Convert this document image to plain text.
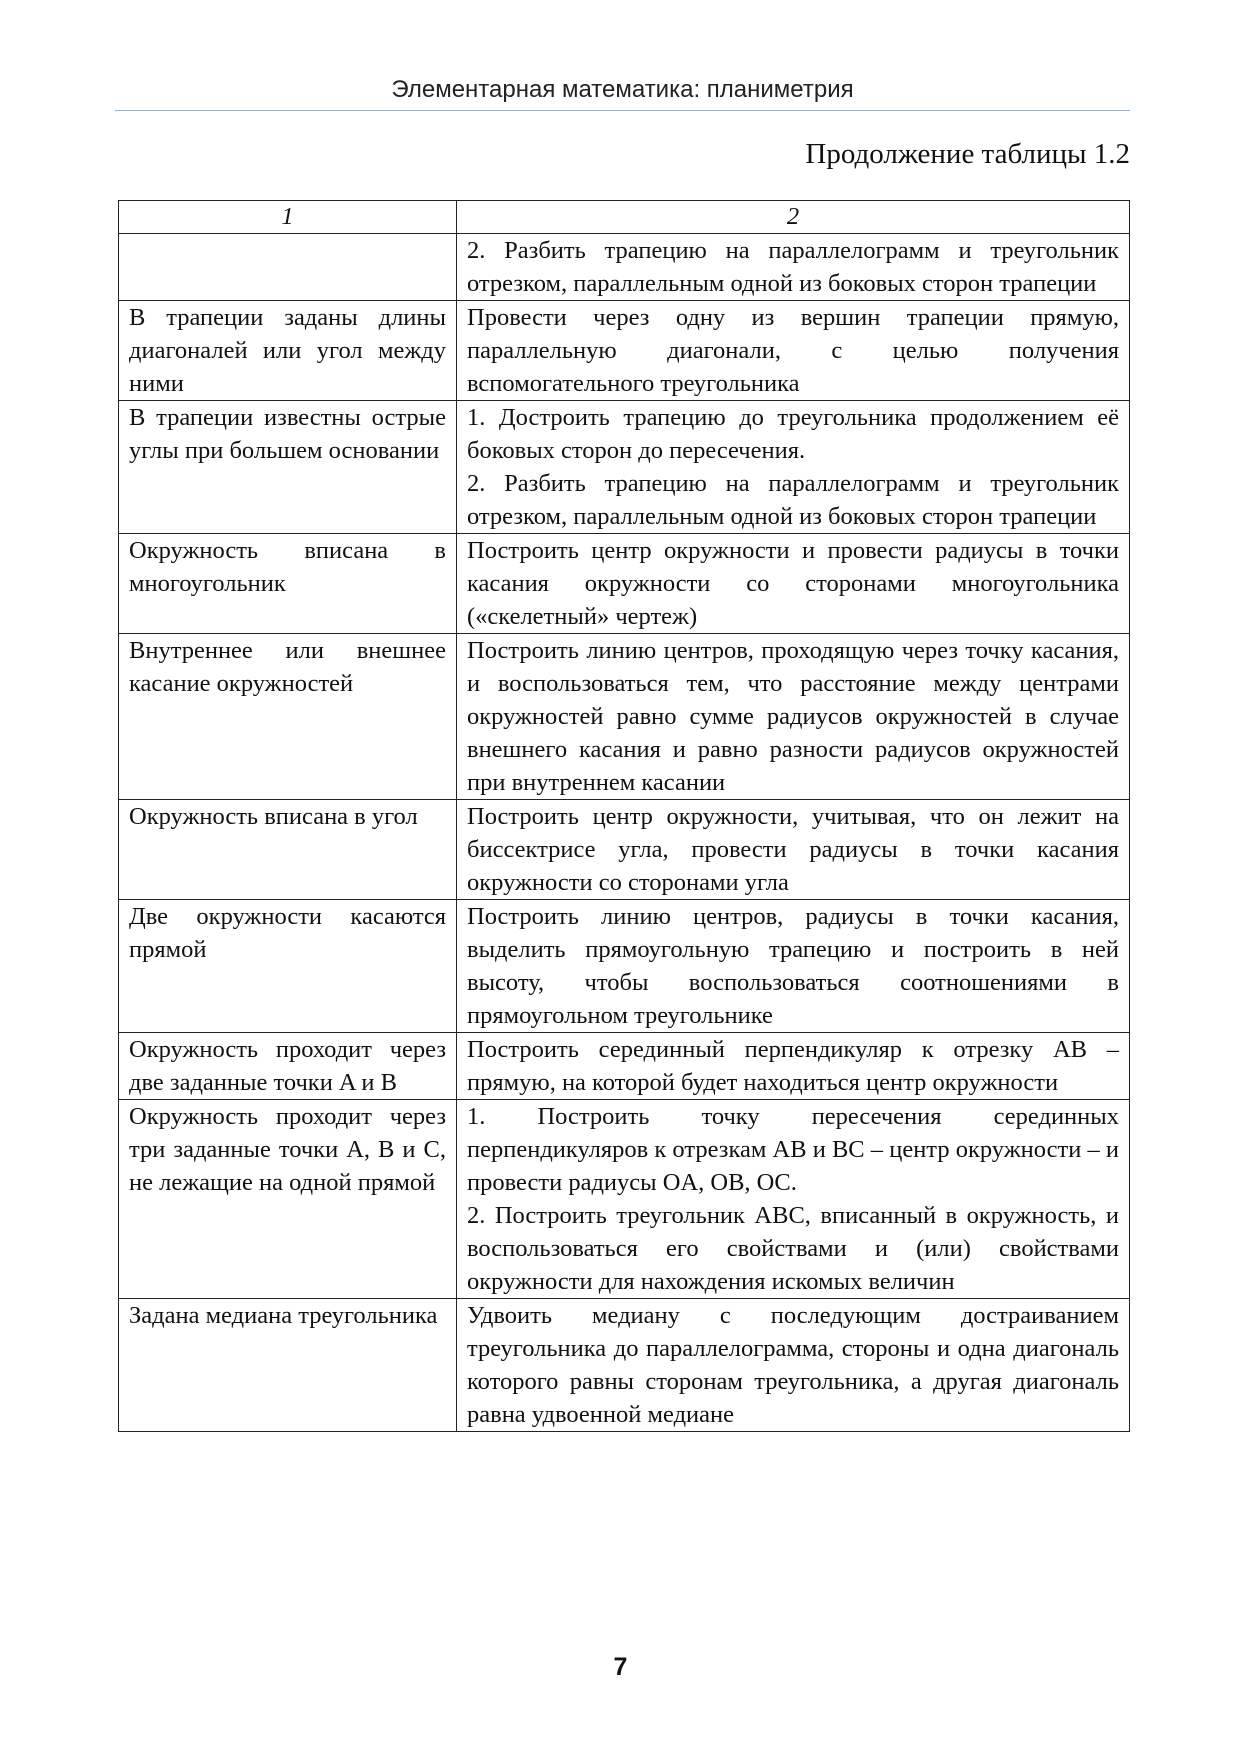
Элементарная математика: планиметрия
Продолжение таблицы 1.2
1	2

	2. Разбить трапецию на параллелограмм и треугольник отрезком, параллельным одной из боковых сторон трапеции

В трапеции заданы длины диагоналей или угол между ними	Провести через одну из вершин трапеции прямую, параллельную диагонали, с целью получения вспомогательного треугольника

В трапеции известны острые углы при большем основании	1. Достроить трапецию до треугольника продолжением её боковых сторон до пересечения.
2. Разбить трапецию на параллелограмм и треугольник отрезком, параллельным одной из боковых сторон трапеции

Окружность вписана в многоугольник	Построить центр окружности и провести радиусы в точки касания окружности со сторонами многоугольника («скелетный» чертеж)

Внутреннее или внешнее касание окружностей	Построить линию центров, проходящую через точку касания, и воспользоваться тем, что расстояние между центрами окружностей равно сумме радиусов окружностей в случае внешнего касания и равно разности радиусов окружностей при внутреннем касании

Окружность вписана в угол	Построить центр окружности, учитывая, что он лежит на биссектрисе угла, провести радиусы в точки касания окружности со сторонами угла

Две окружности касаются прямой	Построить линию центров, радиусы в точки касания, выделить прямоугольную трапецию и построить в ней высоту, чтобы воспользоваться соотношениями в прямоугольном треугольнике

Окружность проходит через две заданные точки A и B	Построить серединный перпендикуляр к отрезку AB – прямую, на которой будет находиться центр окружности

Окружность проходит через три заданные точки A, B и C, не лежащие на одной прямой	1. Построить точку пересечения серединных перпендикуляров к отрезкам AB и BC – центр окружности – и провести радиусы OA, OB, OC.
2. Построить треугольник ABC, вписанный в окружность, и воспользоваться его свойствами и (или) свойствами окружности для нахождения искомых величин

Задана медиана треугольника	Удвоить медиану с последующим достраиванием треугольника до параллелограмма, стороны и одна диагональ которого равны сторонам треугольника, а другая диагональ равна удвоенной медиане
7
